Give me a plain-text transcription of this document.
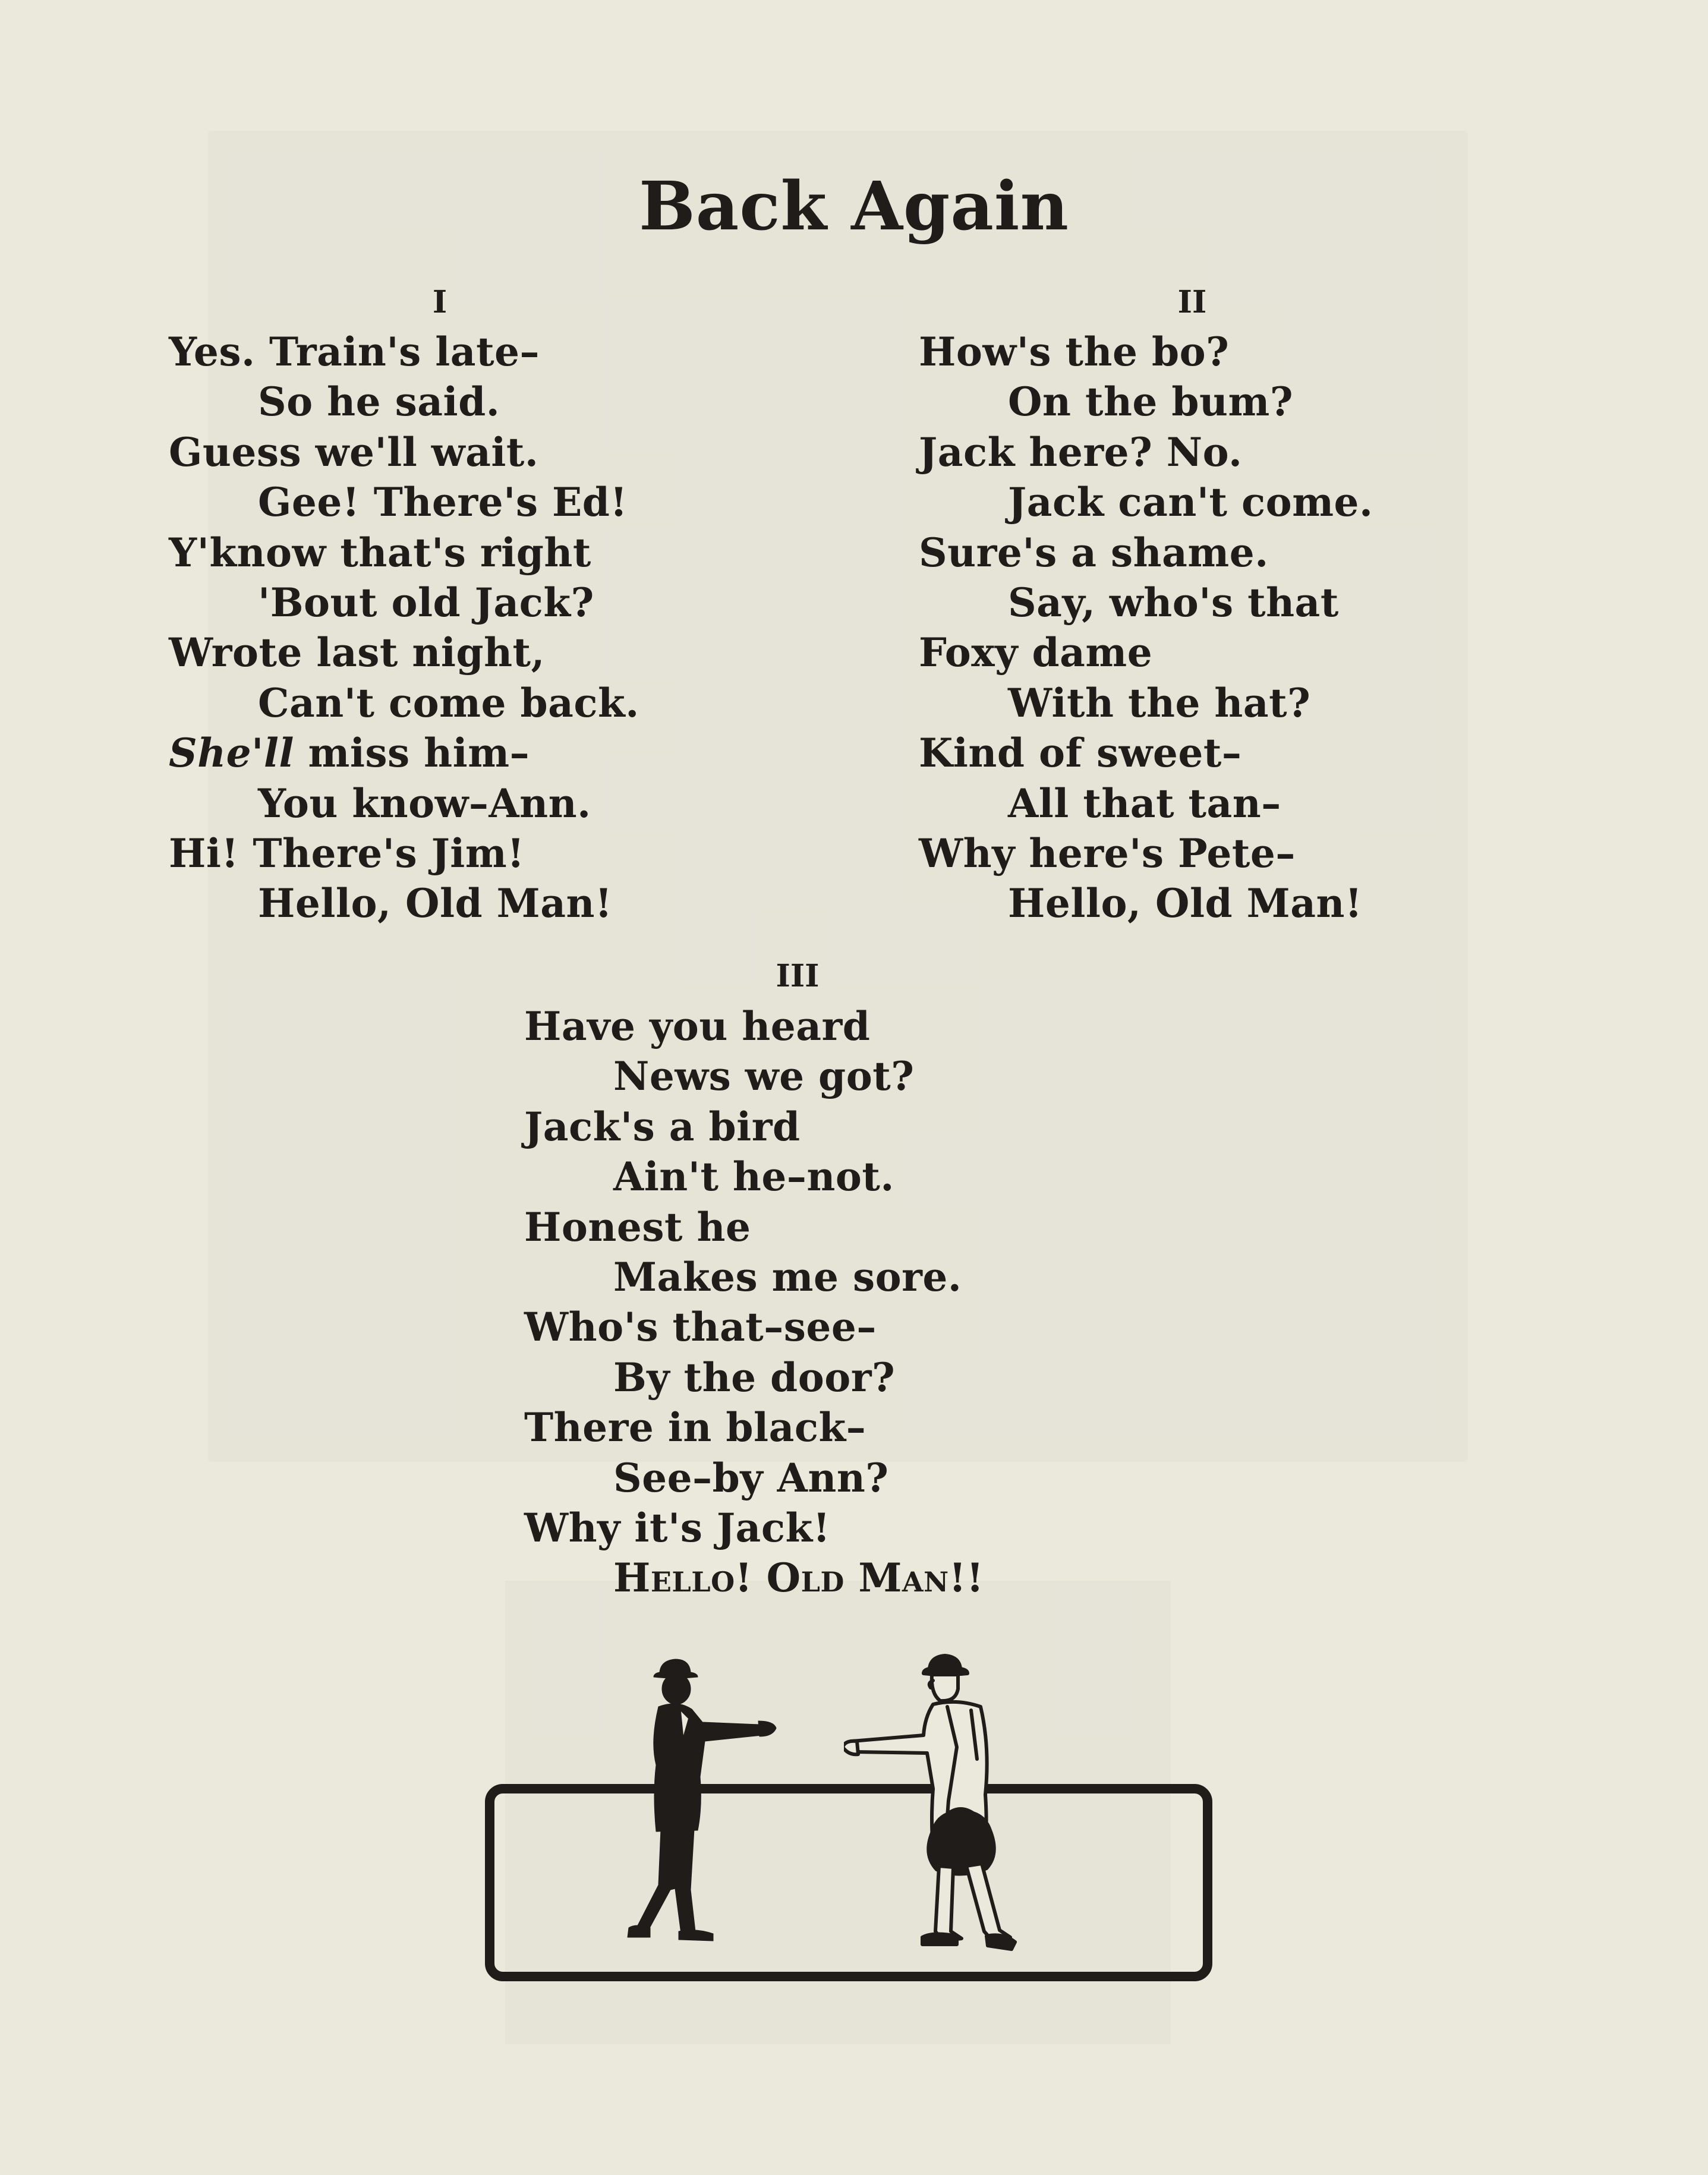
Back Again
I
Yes. Train's late–
So he said.
Guess we'll wait.
Gee! There's Ed!
Y'know that's right
'Bout old Jack?
Wrote last night,
Can't come back.
She'll miss him–
You know–Ann.
Hi! There's Jim!
Hello, Old Man!
II
How's the bo?
On the bum?
Jack here? No.
Jack can't come.
Sure's a shame.
Say, who's that
Foxy dame
With the hat?
Kind of sweet–
All that tan–
Why here's Pete–
Hello, Old Man!
III
Have you heard
News we got?
Jack's a bird
Ain't he–not.
Honest he
Makes me sore.
Who's that–see–
By the door?
There in black–
See–by Ann?
Why it's Jack!
Hello! Old Man!!
